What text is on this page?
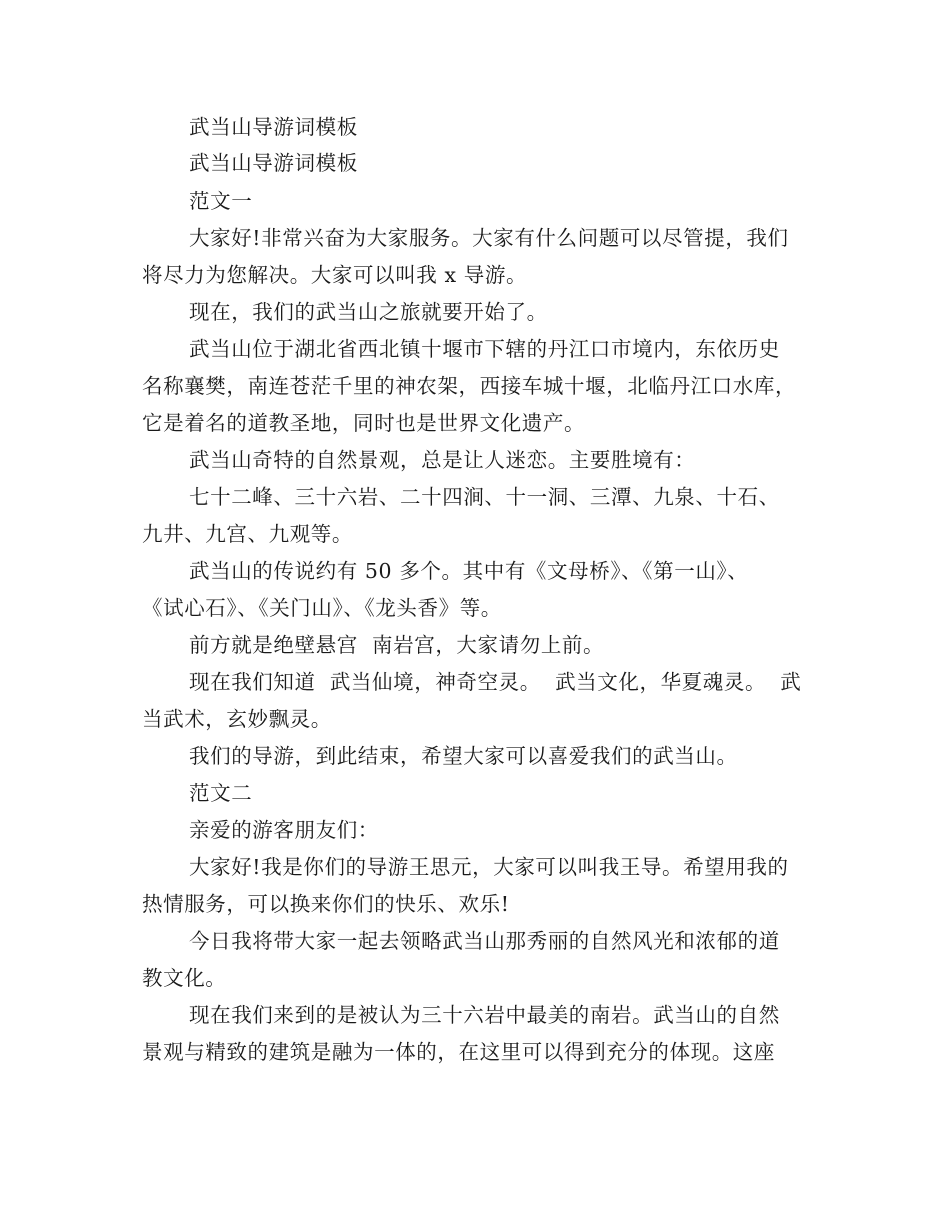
武当山导游词模板
武当山导游词模板
范文一
大家好!非常兴奋为大家服务。大家有什么问题可以尽管提，我们
将尽力为您解决。大家可以叫我 x 导游。
现在，我们的武当山之旅就要开始了。
武当山位于湖北省西北镇十堰市下辖的丹江口市境内，东依历史
名称襄樊，南连苍茫千里的神农架，西接车城十堰，北临丹江口水库，
它是着名的道教圣地，同时也是世界文化遗产。
武当山奇特的自然景观，总是让人迷恋。主要胜境有：
七十二峰、三十六岩、二十四涧、十一洞、三潭、九泉、十石、
九井、九宫、九观等。
武当山的传说约有 50 多个。其中有《文母桥》、《第一山》、
《试心石》、《关门山》、《龙头香》等。
前方就是绝壁悬宫  南岩宫，大家请勿上前。
现在我们知道  武当仙境，神奇空灵。  武当文化，华夏魂灵。  武
当武术，玄妙飘灵。
我们的导游，到此结束，希望大家可以喜爱我们的武当山。
范文二
亲爱的游客朋友们：
大家好!我是你们的导游王思元，大家可以叫我王导。希望用我的
热情服务，可以换来你们的快乐、欢乐!
今日我将带大家一起去领略武当山那秀丽的自然风光和浓郁的道
教文化。
现在我们来到的是被认为三十六岩中最美的南岩。武当山的自然
景观与精致的建筑是融为一体的，在这里可以得到充分的体现。这座
